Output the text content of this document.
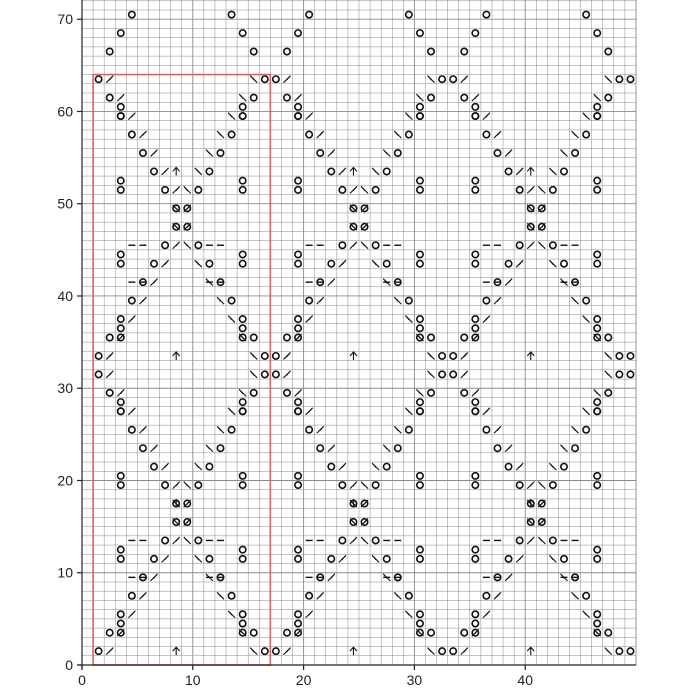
0
10
20
30
40
50
60
70
0	10	20	30	40
